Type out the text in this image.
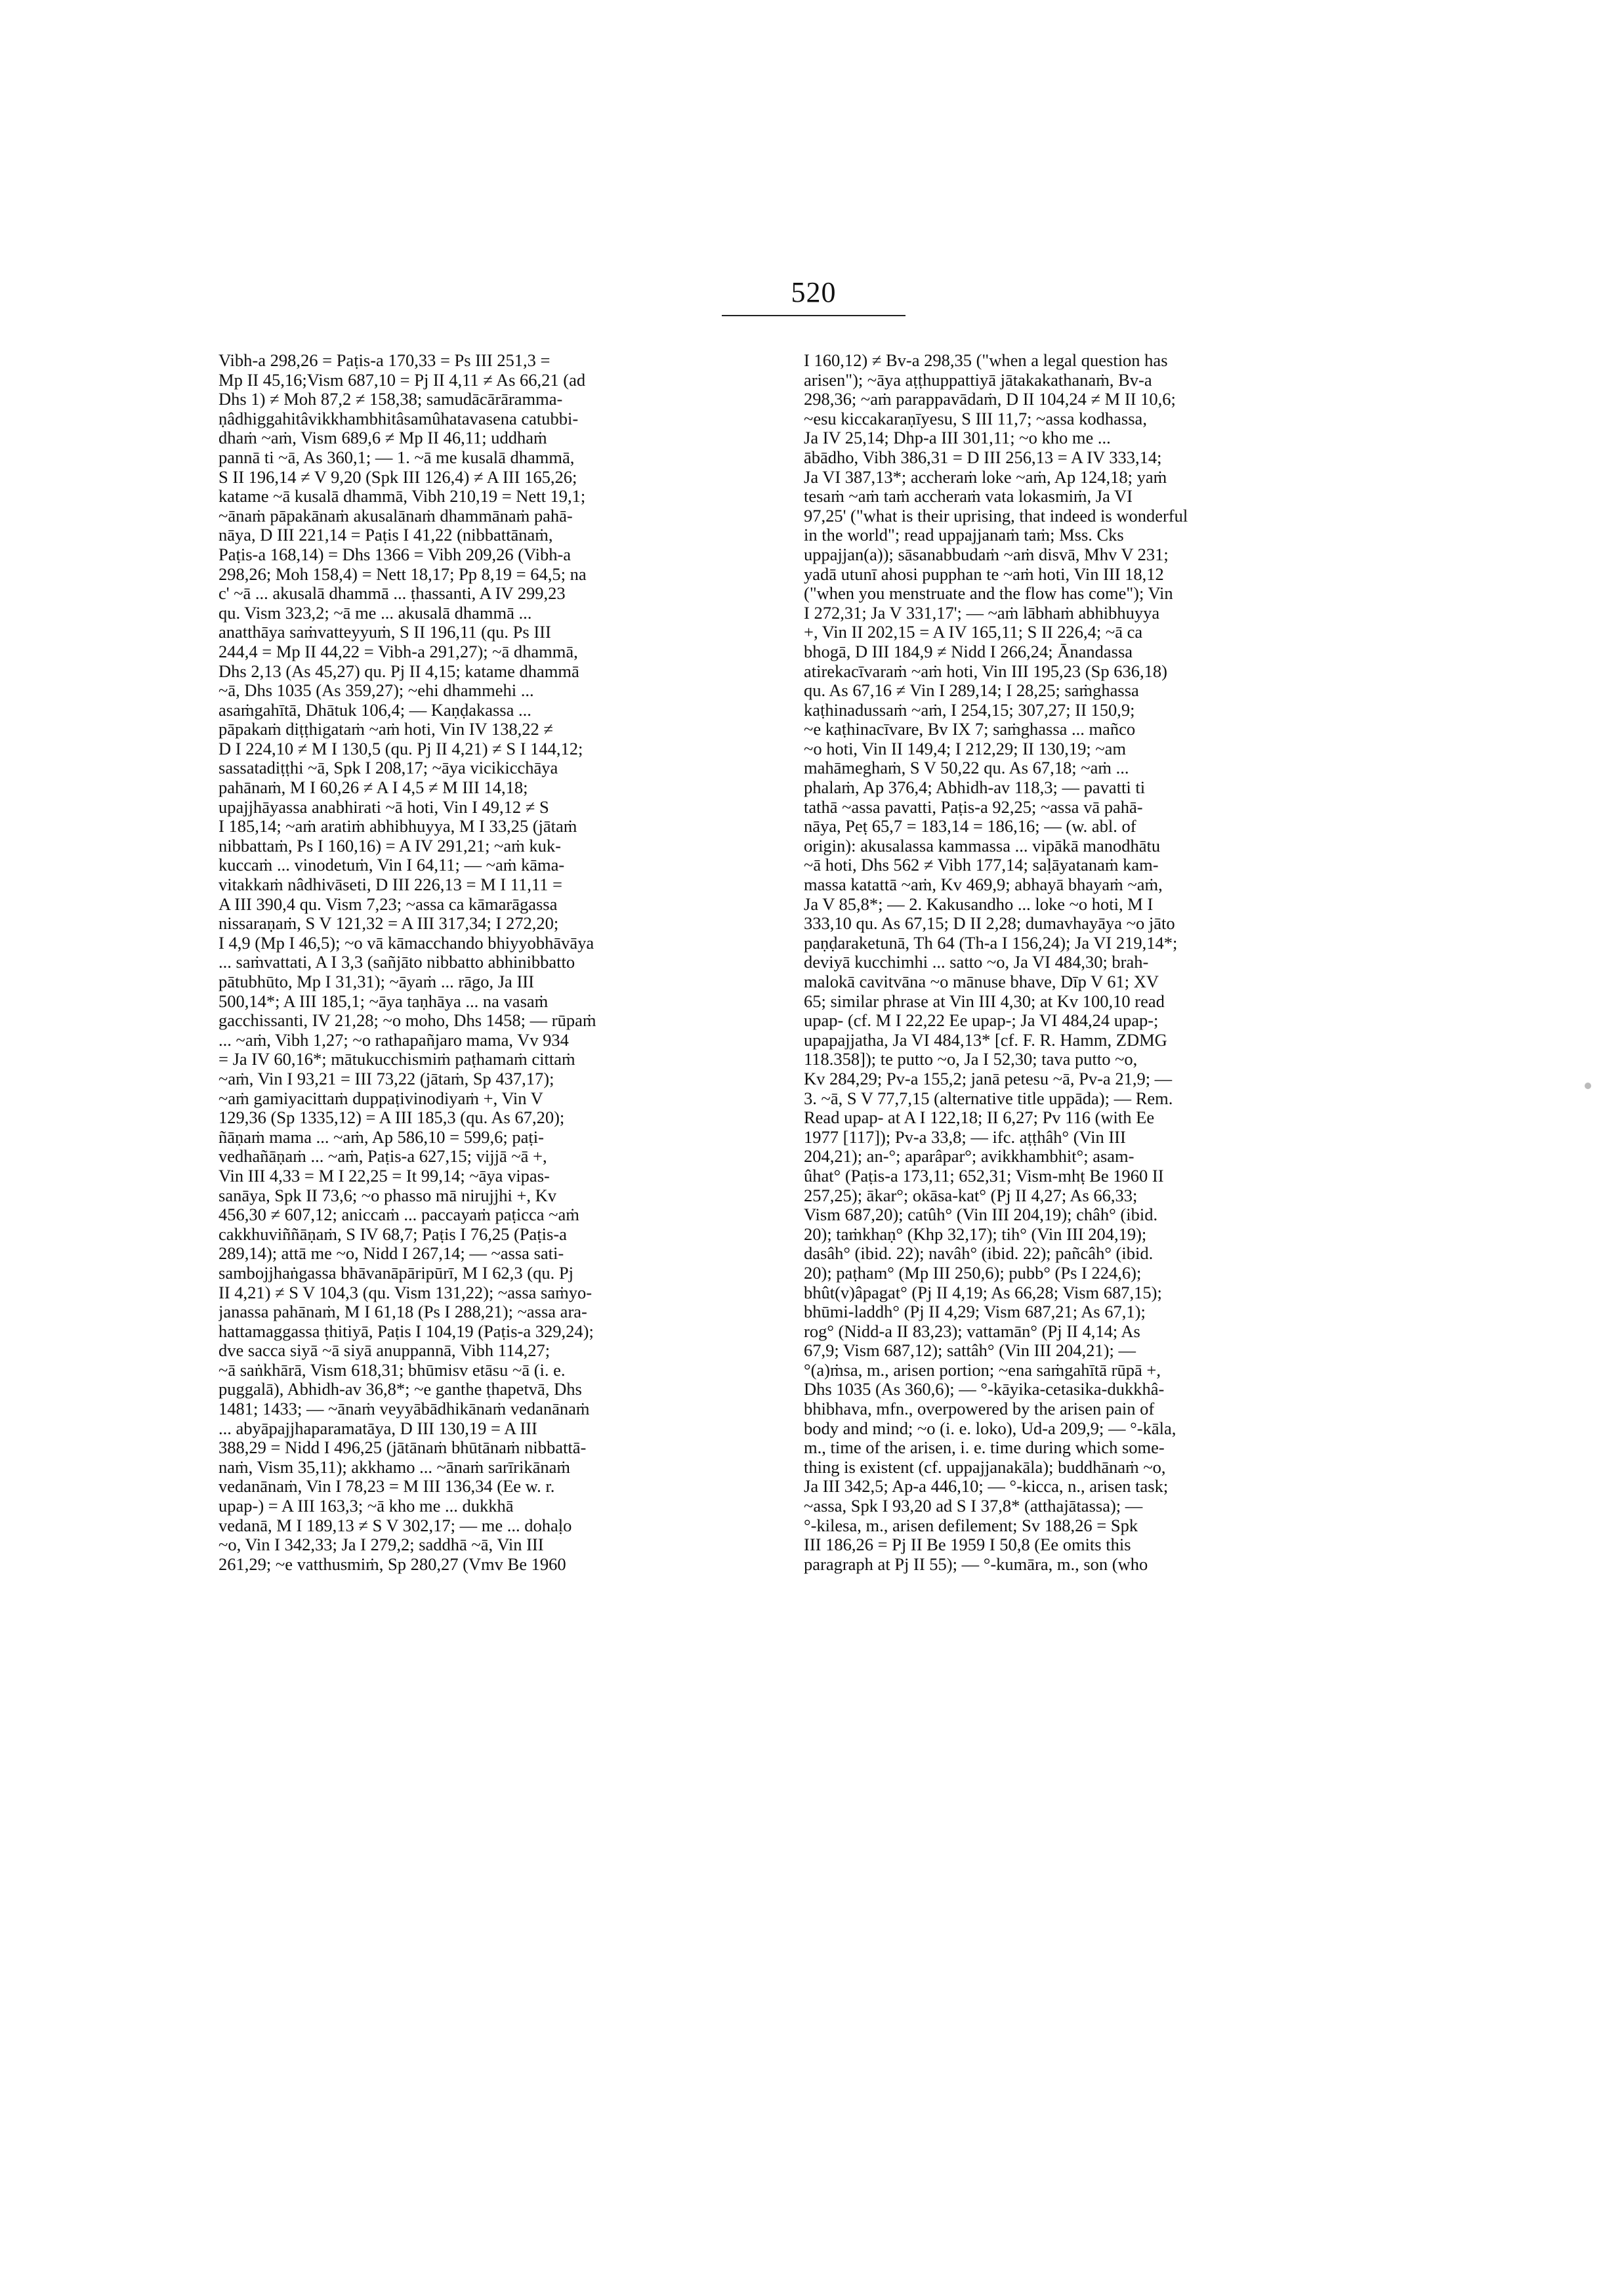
520
Vibh-a 298,26 = Paṭis-a 170,33 = Ps III 251,3 =
Mp II 45,16;Vism 687,10 = Pj II 4,11 ≠ As 66,21 (ad
Dhs 1) ≠ Moh 87,2 ≠ 158,38; samudācārāramma-
ṇâdhiggahitâvikkhambhitâsamûhatavasena catubbi-
dhaṁ ~aṁ, Vism 689,6 ≠ Mp II 46,11; uddhaṁ
pannā ti ~ā, As 360,1; — 1. ~ā me kusalā dhammā,
S II 196,14 ≠ V 9,20 (Spk III 126,4) ≠ A III 165,26;
katame ~ā kusalā dhammā, Vibh 210,19 = Nett 19,1;
~ānaṁ pāpakānaṁ akusalānaṁ dhammānaṁ pahā-
nāya, D III 221,14 = Paṭis I 41,22 (nibbattānaṁ,
Paṭis-a 168,14) = Dhs 1366 = Vibh 209,26 (Vibh-a
298,26; Moh 158,4) = Nett 18,17; Pp 8,19 = 64,5; na
c' ~ā ... akusalā dhammā ... ṭhassanti, A IV 299,23
qu. Vism 323,2; ~ā me ... akusalā dhammā ...
anatthāya saṁvatteyyuṁ, S II 196,11 (qu. Ps III
244,4 = Mp II 44,22 = Vibh-a 291,27); ~ā dhammā,
Dhs 2,13 (As 45,27) qu. Pj II 4,15; katame dhammā
~ā, Dhs 1035 (As 359,27); ~ehi dhammehi ...
asaṁgahītā, Dhātuk 106,4; — Kaṇḍakassa ...
pāpakaṁ diṭṭhigataṁ ~aṁ hoti, Vin IV 138,22 ≠
D I 224,10 ≠ M I 130,5 (qu. Pj II 4,21) ≠ S I 144,12;
sassatadiṭṭhi ~ā, Spk I 208,17; ~āya vicikicchāya
pahānaṁ, M I 60,26 ≠ A I 4,5 ≠ M III 14,18;
upajjhāyassa anabhirati ~ā hoti, Vin I 49,12 ≠ S
I 185,14; ~aṁ aratiṁ abhibhuyya, M I 33,25 (jātaṁ
nibbattaṁ, Ps I 160,16) = A IV 291,21; ~aṁ kuk-
kuccaṁ ... vinodetuṁ, Vin I 64,11; — ~aṁ kāma-
vitakkaṁ nâdhivāseti, D III 226,13 = M I 11,11 =
A III 390,4 qu. Vism 7,23; ~assa ca kāmarāgassa
nissaraṇaṁ, S V 121,32 = A III 317,34; I 272,20;
I 4,9 (Mp I 46,5); ~o vā kāmacchando bhiyyobhāvāya
... saṁvattati, A I 3,3 (sañjāto nibbatto abhinibbatto
pātubhūto, Mp I 31,31); ~āyaṁ ... rāgo, Ja III
500,14*; A III 185,1; ~āya taṇhāya ... na vasaṁ
gacchissanti, IV 21,28; ~o moho, Dhs 1458; — rūpaṁ
... ~aṁ, Vibh 1,27; ~o rathapañjaro mama, Vv 934
= Ja IV 60,16*; mātukucchismiṁ paṭhamaṁ cittaṁ
~aṁ, Vin I 93,21 = III 73,22 (jātaṁ, Sp 437,17);
~aṁ gamiyacittaṁ duppaṭivinodiyaṁ +, Vin V
129,36 (Sp 1335,12) = A III 185,3 (qu. As 67,20);
ñāṇaṁ mama ... ~aṁ, Ap 586,10 = 599,6; paṭi-
vedhañāṇaṁ ... ~aṁ, Paṭis-a 627,15; vijjā ~ā +,
Vin III 4,33 = M I 22,25 = It 99,14; ~āya vipas-
sanāya, Spk II 73,6; ~o phasso mā nirujjhi +, Kv
456,30 ≠ 607,12; aniccaṁ ... paccayaṁ paṭicca ~aṁ
cakkhuviññāṇaṁ, S IV 68,7; Paṭis I 76,25 (Paṭis-a
289,14); attā me ~o, Nidd I 267,14; — ~assa sati-
sambojjhaṅgassa bhāvanāpāripūrī, M I 62,3 (qu. Pj
II 4,21) ≠ S V 104,3 (qu. Vism 131,22); ~assa saṁyo-
janassa pahānaṁ, M I 61,18 (Ps I 288,21); ~assa ara-
hattamaggassa ṭhitiyā, Paṭis I 104,19 (Paṭis-a 329,24);
dve sacca siyā ~ā siyā anuppannā, Vibh 114,27;
~ā saṅkhārā, Vism 618,31; bhūmisv etāsu ~ā (i. e.
puggalā), Abhidh-av 36,8*; ~e ganthe ṭhapetvā, Dhs
1481; 1433; — ~ānaṁ veyyābādhikānaṁ vedanānaṁ
... abyāpajjhaparamatāya, D III 130,19 = A III
388,29 = Nidd I 496,25 (jātānaṁ bhūtānaṁ nibbattā-
naṁ, Vism 35,11); akkhamo ... ~ānaṁ sarīrikānaṁ
vedanānaṁ, Vin I 78,23 = M III 136,34 (Ee w. r.
upap-) = A III 163,3; ~ā kho me ... dukkhā
vedanā, M I 189,13 ≠ S V 302,17; — me ... dohaḷo
~o, Vin I 342,33; Ja I 279,2; saddhā ~ā, Vin III
261,29; ~e vatthusmiṁ, Sp 280,27 (Vmv Be 1960
I 160,12) ≠ Bv-a 298,35 ("when a legal question has
arisen"); ~āya aṭṭhuppattiyā jātakakathanaṁ, Bv-a
298,36; ~aṁ parappavādaṁ, D II 104,24 ≠ M II 10,6;
~esu kiccakaraṇīyesu, S III 11,7; ~assa kodhassa,
Ja IV 25,14; Dhp-a III 301,11; ~o kho me ...
ābādho, Vibh 386,31 = D III 256,13 = A IV 333,14;
Ja VI 387,13*; accheraṁ loke ~aṁ, Ap 124,18; yaṁ
tesaṁ ~aṁ taṁ accheraṁ vata lokasmiṁ, Ja VI
97,25' ("what is their uprising, that indeed is wonderful
in the world"; read uppajjanaṁ taṁ; Mss. Cks
uppajjan(a)); sāsanabbudaṁ ~aṁ disvā, Mhv V 231;
yadā utunī ahosi pupphan te ~aṁ hoti, Vin III 18,12
("when you menstruate and the flow has come"); Vin
I 272,31; Ja V 331,17'; — ~aṁ lābhaṁ abhibhuyya
+, Vin II 202,15 = A IV 165,11; S II 226,4; ~ā ca
bhogā, D III 184,9 ≠ Nidd I 266,24; Ānandassa
atirekacīvaraṁ ~aṁ hoti, Vin III 195,23 (Sp 636,18)
qu. As 67,16 ≠ Vin I 289,14; I 28,25; saṁghassa
kaṭhinadussaṁ ~aṁ, I 254,15; 307,27; II 150,9;
~e kaṭhinacīvare, Bv IX 7; saṁghassa ... mañco
~o hoti, Vin II 149,4; I 212,29; II 130,19; ~am
mahāmeghaṁ, S V 50,22 qu. As 67,18; ~aṁ ...
phalaṁ, Ap 376,4; Abhidh-av 118,3; — pavatti ti
tathā ~assa pavatti, Paṭis-a 92,25; ~assa vā pahā-
nāya, Peṭ 65,7 = 183,14 = 186,16; — (w. abl. of
origin): akusalassa kammassa ... vipākā manodhātu
~ā hoti, Dhs 562 ≠ Vibh 177,14; saḷāyatanaṁ kam-
massa katattā ~aṁ, Kv 469,9; abhayā bhayaṁ ~aṁ,
Ja V 85,8*; — 2. Kakusandho ... loke ~o hoti, M I
333,10 qu. As 67,15; D II 2,28; dumavhayāya ~o jāto
paṇḍaraketunā, Th 64 (Th-a I 156,24); Ja VI 219,14*;
deviyā kucchimhi ... satto ~o, Ja VI 484,30; brah-
malokā cavitvāna ~o mānuse bhave, Dīp V 61; XV
65; similar phrase at Vin III 4,30; at Kv 100,10 read
upap- (cf. M I 22,22 Ee upap-; Ja VI 484,24 upap-;
upapajjatha, Ja VI 484,13* [cf. F. R. Hamm, ZDMG
118.358]); te putto ~o, Ja I 52,30; tava putto ~o,
Kv 284,29; Pv-a 155,2; janā petesu ~ā, Pv-a 21,9; —
3. ~ā, S V 77,7,15 (alternative title uppāda); — Rem.
Read upap- at A I 122,18; II 6,27; Pv 116 (with Ee
1977 [117]); Pv-a 33,8; — ifc. aṭṭhâh° (Vin III
204,21); an-°; aparâpar°; avikkhambhit°; asam-
ûhat° (Paṭis-a 173,11; 652,31; Vism-mhṭ Be 1960 II
257,25); ākar°; okāsa-kat° (Pj II 4,27; As 66,33;
Vism 687,20); catûh° (Vin III 204,19); châh° (ibid.
20); taṁkhaṇ° (Khp 32,17); tih° (Vin III 204,19);
dasâh° (ibid. 22); navâh° (ibid. 22); pañcâh° (ibid.
20); paṭham° (Mp III 250,6); pubb° (Ps I 224,6);
bhût(v)âpagat° (Pj II 4,19; As 66,28; Vism 687,15);
bhūmi-laddh° (Pj II 4,29; Vism 687,21; As 67,1);
rog° (Nidd-a II 83,23); vattamān° (Pj II 4,14; As
67,9; Vism 687,12); sattâh° (Vin III 204,21); —
°(a)ṁsa, m., arisen portion; ~ena saṁgahītā rūpā +,
Dhs 1035 (As 360,6); — °-kāyika-cetasika-dukkhâ-
bhibhava, mfn., overpowered by the arisen pain of
body and mind; ~o (i. e. loko), Ud-a 209,9; — °-kāla,
m., time of the arisen, i. e. time during which some-
thing is existent (cf. uppajjanakāla); buddhānaṁ ~o,
Ja III 342,5; Ap-a 446,10; — °-kicca, n., arisen task;
~assa, Spk I 93,20 ad S I 37,8* (atthajātassa); —
°-kilesa, m., arisen defilement; Sv 188,26 = Spk
III 186,26 = Pj II Be 1959 I 50,8 (Ee omits this
paragraph at Pj II 55); — °-kumāra, m., son (who
